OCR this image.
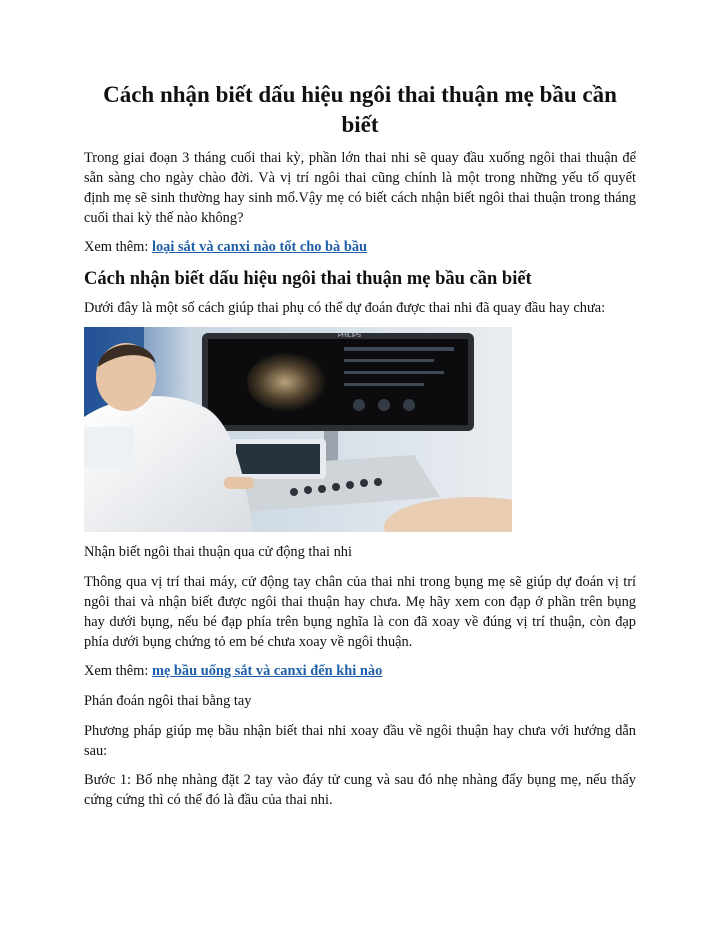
Cách nhận biết dấu hiệu ngôi thai thuận mẹ bầu cần biết

Trong giai đoạn 3 tháng cuối thai kỳ, phần lớn thai nhi sẽ quay đầu xuống ngôi thai thuận để sẵn sàng cho ngày chào đời. Và vị trí ngôi thai cũng chính là một trong những yếu tố quyết định mẹ sẽ sinh thường hay sinh mổ.Vậy mẹ có biết cách nhận biết ngôi thai thuận trong tháng cuối thai kỳ thế nào không?

Xem thêm: loại sắt và canxi nào tốt cho bà bầu

Cách nhận biết dấu hiệu ngôi thai thuận mẹ bầu cần biết

Dưới đây là một số cách giúp thai phụ có thể dự đoán được thai nhi đã quay đầu hay chưa:

PHILIPS

Nhận biết ngôi thai thuận qua cử động thai nhi

Thông qua vị trí thai máy, cử động tay chân của thai nhi trong bụng mẹ sẽ giúp dự đoán vị trí ngôi thai và nhận biết được ngôi thai thuận hay chưa. Mẹ hãy xem con đạp ở phần trên bụng hay dưới bụng, nếu bé đạp phía trên bụng nghĩa là con đã xoay về đúng vị trí thuận, còn đạp phía dưới bụng chứng tỏ em bé chưa xoay về ngôi thuận.

Xem thêm: mẹ bầu uống sắt và canxi đến khi nào

Phán đoán ngôi thai bằng tay

Phương pháp giúp mẹ bầu nhận biết thai nhi xoay đầu về ngôi thuận hay chưa với hướng dẫn sau:

Bước 1: Bố nhẹ nhàng đặt 2 tay vào đáy tử cung và sau đó nhẹ nhàng đẩy bụng mẹ, nếu thấy cứng cứng thì có thể đó là đầu của thai nhi.
